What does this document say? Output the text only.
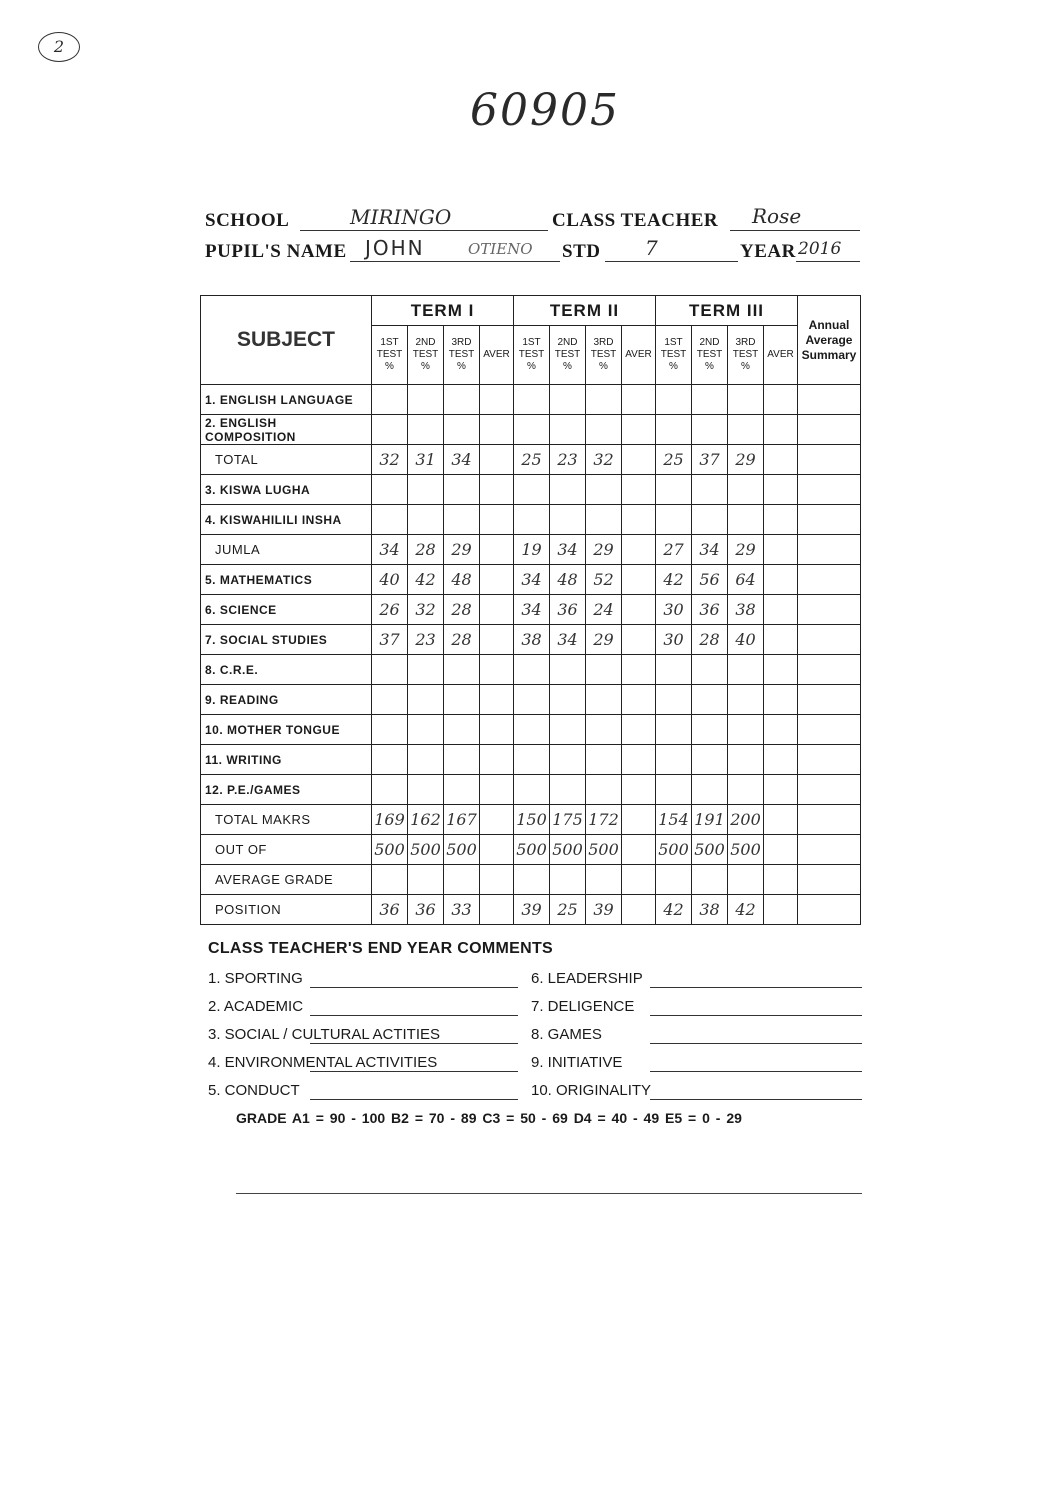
2
60905
SCHOOL	MIRINGO	CLASS TEACHER Rose
PUPIL'S NAME JOHN	OTIENO STD 7	YEAR 2016
SUBJECT	TERM I				TERM II				TERM III				Annual Average Summary
	1ST TEST %	2ND TEST %	3RD TEST %	AVER	1ST TEST %	2ND TEST %	3RD TEST %	AVER	1ST TEST %	2ND TEST %	3RD TEST %	AVER	
1. ENGLISH LANGUAGE													
2. ENGLISH COMPOSITION													
TOTAL	32	31	34		25	23	32		25	37	29		
3. KISWA LUGHA													
4. KISWAHILILI INSHA													
JUMLA	34	28	29		19	34	29		27	34	29		
5. MATHEMATICS	40	42	48		34	48	52		42	56	64		
6. SCIENCE	26	32	28		34	36	24		30	36	38		
7. SOCIAL STUDIES	37	23	28		38	34	29		30	28	40		
8. C.R.E.													
9. READING													
10. MOTHER TONGUE													
11. WRITING													
12. P.E./GAMES													
TOTAL MAKRS	169	162	167		150	175	172		154	191	200		
OUT OF	500	500	500		500	500	500		500	500	500		
AVERAGE GRADE													
POSITION	36	36	33		39	25	39		42	38	42		
CLASS TEACHER'S END YEAR COMMENTS
1. SPORTING
2. ACADEMIC
3. SOCIAL / CULTURAL ACTITIES
4. ENVIRONMENTAL ACTIVITIES
5. CONDUCT
6. LEADERSHIP
7. DELIGENCE
8. GAMES
9. INITIATIVE
10. ORIGINALITY
GRADE A1 = 90 - 100 B2 = 70 - 89 C3 = 50 - 69 D4 = 40 - 49 E5 = 0 - 29
